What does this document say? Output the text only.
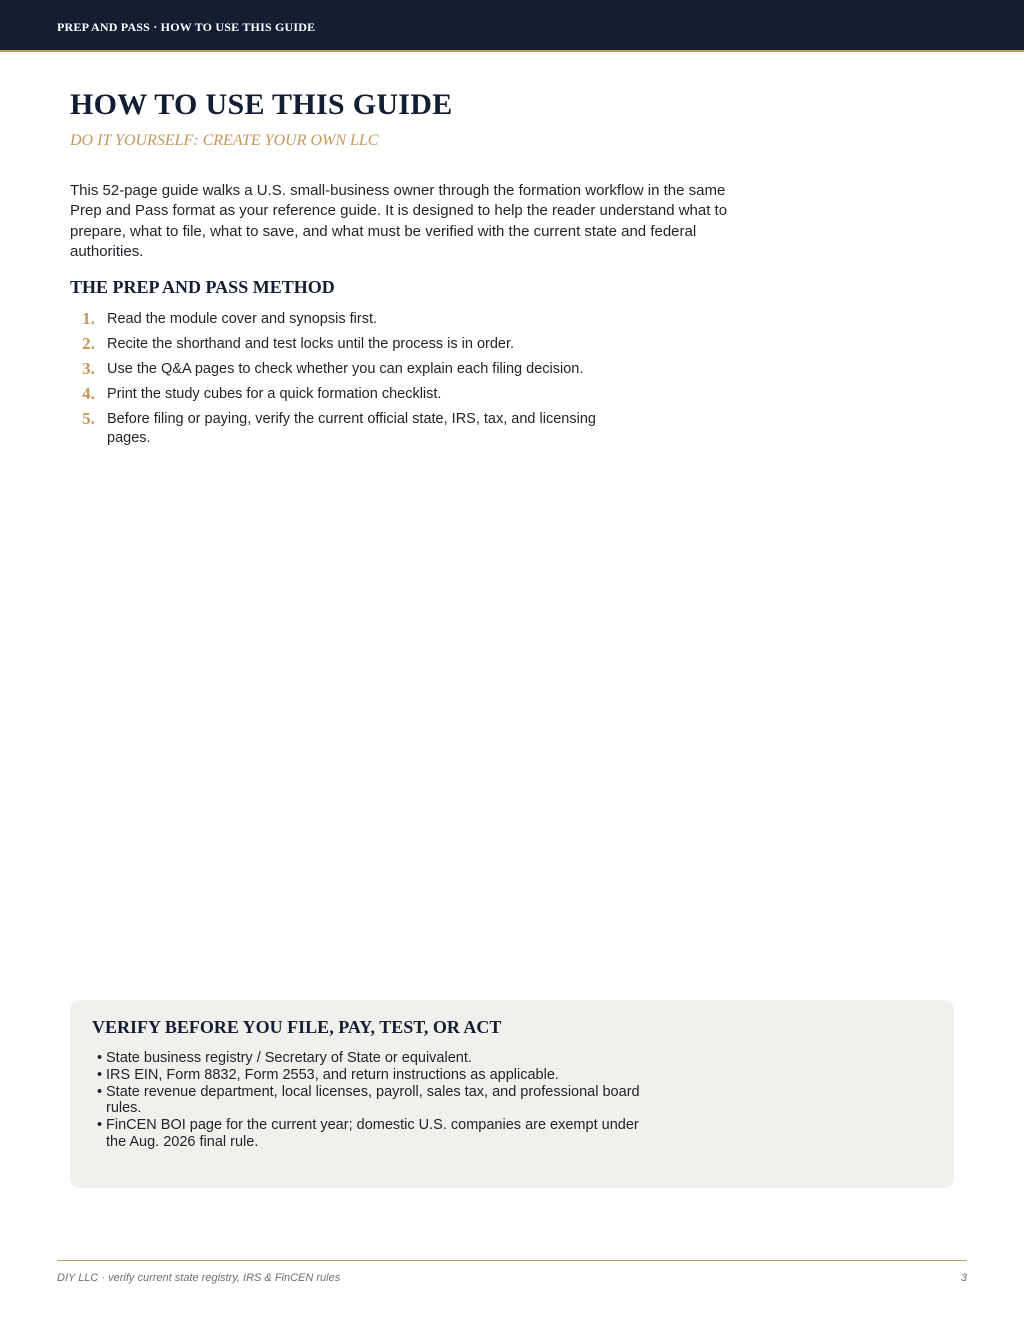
PREP AND PASS · HOW TO USE THIS GUIDE
HOW TO USE THIS GUIDE
DO IT YOURSELF: CREATE YOUR OWN LLC

This 52-page guide walks a U.S. small-business owner through the formation workflow in the same Prep and Pass format as your reference guide. It is designed to help the reader understand what to prepare, what to file, what to save, and what must be verified with the current state and federal authorities.

THE PREP AND PASS METHOD
1. Read the module cover and synopsis first.
2. Recite the shorthand and test locks until the process is in order.
3. Use the Q&A pages to check whether you can explain each filing decision.
4. Print the study cubes for a quick formation checklist.
5. Before filing or paying, verify the current official state, IRS, tax, and licensing pages.
VERIFY BEFORE YOU FILE, PAY, TEST, OR ACT
• State business registry / Secretary of State or equivalent.
• IRS EIN, Form 8832, Form 2553, and return instructions as applicable.
• State revenue department, local licenses, payroll, sales tax, and professional board rules.
• FinCEN BOI page for the current year; domestic U.S. companies are exempt under the Aug. 2026 final rule.
DIY LLC · verify current state registry, IRS & FinCEN rules	3
